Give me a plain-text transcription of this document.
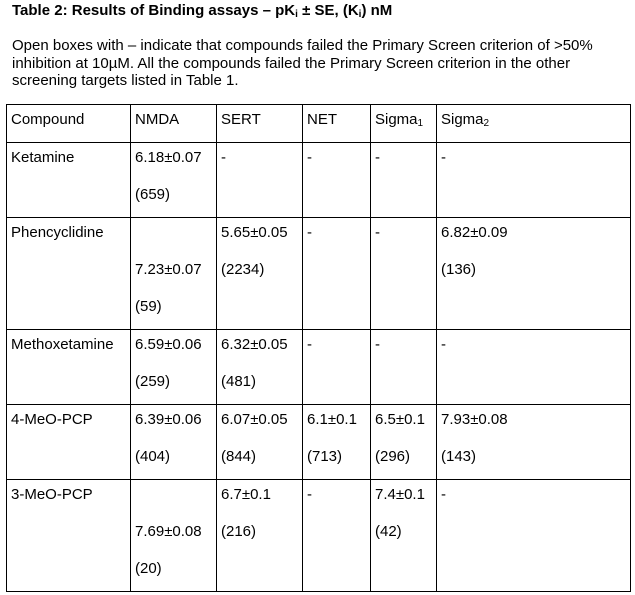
Table 2: Results of Binding assays – $pK_i$ ± SE, $(K_i)$ nM
Open boxes with – indicate that compounds failed the Primary Screen criterion of >50%
inhibition at 10µM. All the compounds failed the Primary Screen criterion in the other
screening targets listed in Table 1.
Compound	NMDA	SERT	NET	Sigma$_1$	Sigma$_2$

Ketamine	6.18±0.07
(659)	-	-	-	-

Phencyclidine	7.23±0.07
(59)	5.65±0.05
(2234)	-	-	6.82±0.09
(136)

Methoxetamine	6.59±0.06
(259)	6.32±0.05
(481)	-	-	-

4-MeO-PCP	6.39±0.06
(404)	6.07±0.05
(844)	6.1±0.1
(713)	6.5±0.1
(296)	7.93±0.08
(143)

3-MeO-PCP	7.69±0.08
(20)	6.7±0.1
(216)	-	7.4±0.1
(42)	-
